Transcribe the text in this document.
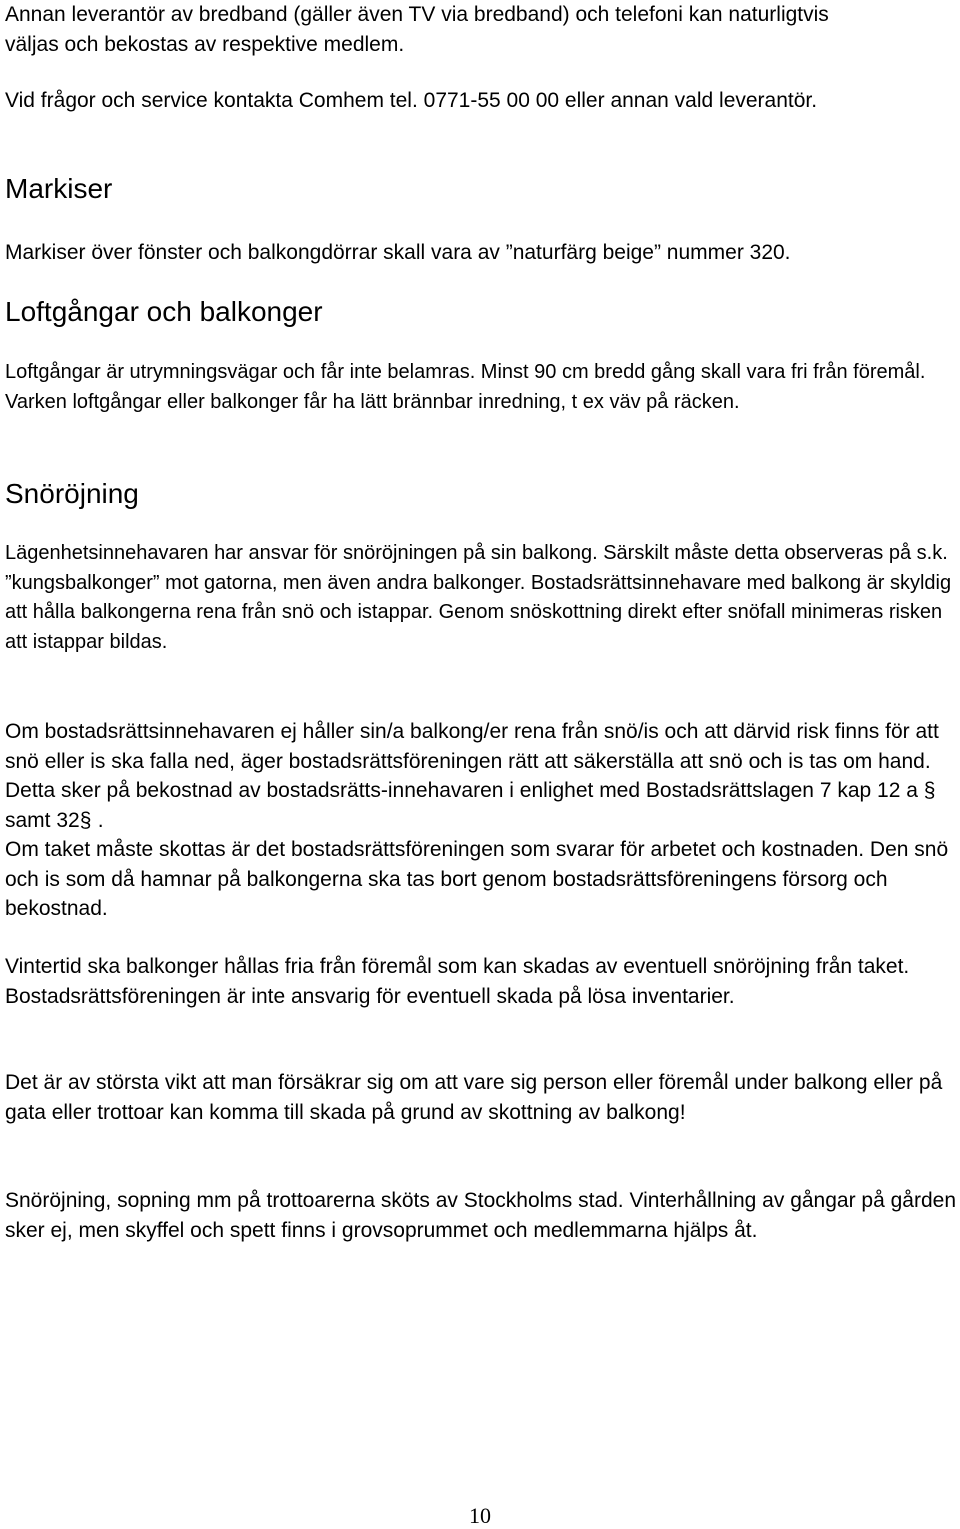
Annan leverantör av bredband (gäller även TV via bredband) och telefoni kan naturligtvis väljas och bekostas av respektive medlem.

Vid frågor och service kontakta Comhem tel. 0771-55 00 00 eller annan vald leverantör.

Markiser

Markiser över fönster och balkongdörrar skall vara av ”naturfärg beige” nummer 320.

Loftgångar och balkonger

Loftgångar är utrymningsvägar och får inte belamras. Minst 90 cm bredd gång skall vara fri från föremål. Varken loftgångar eller balkonger får ha lätt brännbar inredning, t ex väv på räcken.

Snöröjning

Lägenhetsinnehavaren har ansvar för snöröjningen på sin balkong. Särskilt måste detta observeras på s.k. ”kungsbalkonger” mot gatorna, men även andra balkonger. Bostadsrättsinnehavare med balkong är skyldig att hålla balkongerna rena från snö och istappar. Genom snöskottning direkt efter snöfall minimeras risken att istappar bildas.

Om bostadsrättsinnehavaren ej håller sin/a balkong/er rena från snö/is och att därvid risk finns för att snö eller is ska falla ned, äger bostadsrättsföreningen rätt att säkerställa att snö och is tas om hand. Detta sker på bekostnad av bostadsrätts-innehavaren i enlighet med Bostadsrättslagen 7 kap 12 a § samt 32§ .
Om taket måste skottas är det bostadsrättsföreningen som svarar för arbetet och kostnaden. Den snö och is som då hamnar på balkongerna ska tas bort genom bostadsrättsföreningens försorg och bekostnad.

Vintertid ska balkonger hållas fria från föremål som kan skadas av eventuell snöröjning från taket. Bostadsrättsföreningen är inte ansvarig för eventuell skada på lösa inventarier.

Det är av största vikt att man försäkrar sig om att vare sig person eller föremål under balkong eller på gata eller trottoar kan komma till skada på grund av skottning av balkong!

Snöröjning, sopning mm på trottoarerna sköts av Stockholms stad. Vinterhållning av gångar på gården sker ej, men skyffel och spett finns i grovsoprummet och medlemmarna hjälps åt.

10
